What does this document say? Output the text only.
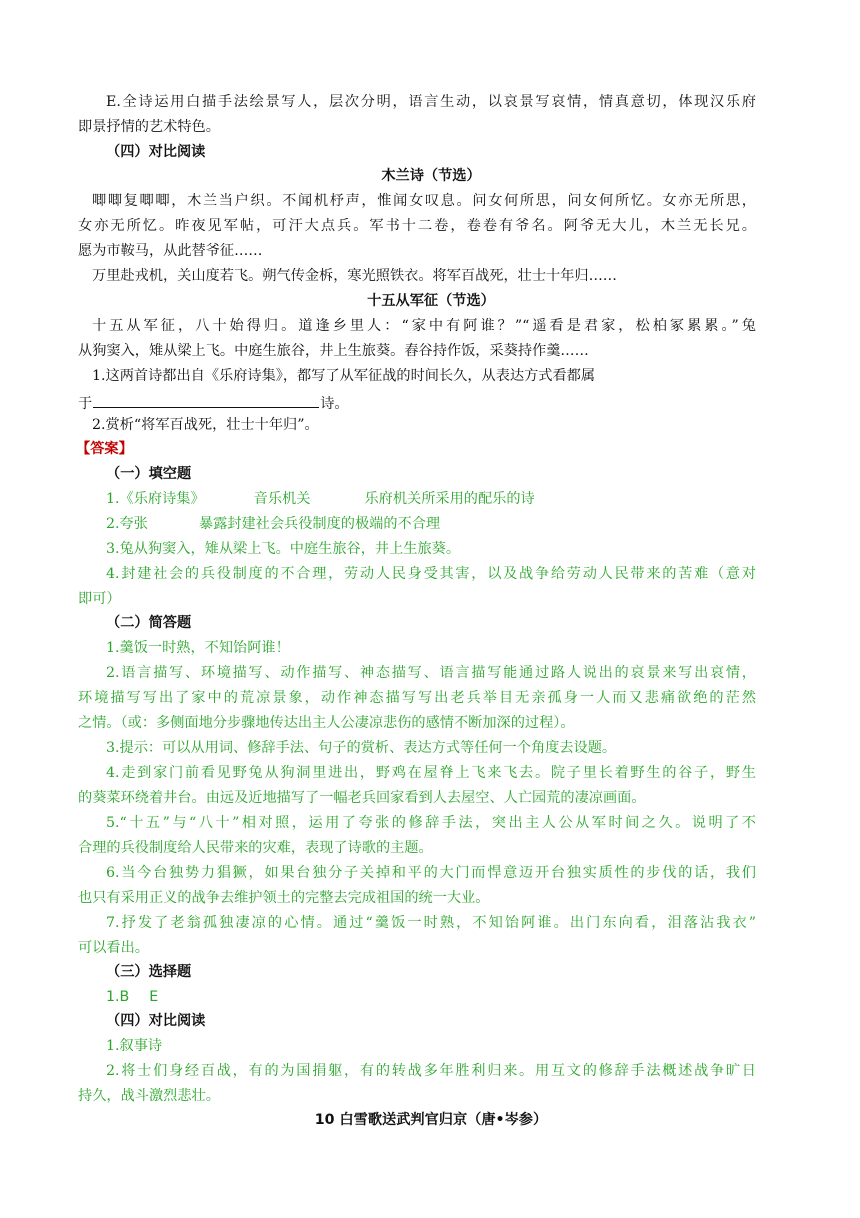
E.全诗运用白描手法绘景写人，层次分明，语言生动，以哀景写哀情，情真意切，体现汉乐府
即景抒情的艺术特色。
（四）对比阅读
木兰诗（节选）
唧唧复唧唧，木兰当户织。不闻机杼声，惟闻女叹息。问女何所思，问女何所忆。女亦无所思，
女亦无所忆。昨夜见军帖，可汗大点兵。军书十二卷，卷卷有爷名。阿爷无大儿，木兰无长兄。
愿为市鞍马，从此替爷征……
万里赴戎机，关山度若飞。朔气传金柝，寒光照铁衣。将军百战死，壮士十年归……
十五从军征（节选）
十五从军征，八十始得归。道逢乡里人：“家中有阿谁？”“遥看是君家，松柏冢累累。”兔
从狗窦入，雉从梁上飞。中庭生旅谷，井上生旅葵。舂谷持作饭，采葵持作羹……
1.这两首诗都出自《乐府诗集》，都写了从军征战的时间长久，从表达方式看都属
于	诗。
2.赏析“将军百战死，壮士十年归”。
【答案】
（一）填空题
1.《乐府诗集》	音乐机关	乐府机关所采用的配乐的诗
2.夸张	暴露封建社会兵役制度的极端的不合理
3.兔从狗窦入，雉从梁上飞。中庭生旅谷，井上生旅葵。
4.封建社会的兵役制度的不合理，劳动人民身受其害，以及战争给劳动人民带来的苦难（意对
即可）
（二）简答题
1.羹饭一时熟，不知饴阿谁！
2.语言描写、环境描写、动作描写、神态描写、语言描写能通过路人说出的哀景来写出哀情，
环境描写写出了家中的荒凉景象，动作神态描写写出老兵举目无亲孤身一人而又悲痛欲绝的茫然
之情。（或：多侧面地分步骤地传达出主人公凄凉悲伤的感情不断加深的过程）。
3.提示：可以从用词、修辞手法、句子的赏析、表达方式等任何一个角度去设题。
4.走到家门前看见野兔从狗洞里进出，野鸡在屋脊上飞来飞去。院子里长着野生的谷子，野生
的葵菜环绕着井台。由远及近地描写了一幅老兵回家看到人去屋空、人亡园荒的凄凉画面。
5.“十五”与“八十”相对照，运用了夸张的修辞手法，突出主人公从军时间之久。说明了不
合理的兵役制度给人民带来的灾难，表现了诗歌的主题。
6.当今台独势力猖獗，如果台独分子关掉和平的大门而悍意迈开台独实质性的步伐的话，我们
也只有采用正义的战争去维护领土的完整去完成祖国的统一大业。
7.抒发了老翁孤独凄凉的心情。通过“羹饭一时熟，不知饴阿谁。出门东向看，泪落沾我衣”
可以看出。
（三）选择题
1.B E
（四）对比阅读
1.叙事诗
2.将士们身经百战，有的为国捐躯，有的转战多年胜利归来。用互文的修辞手法概述战争旷日
持久，战斗激烈悲壮。
10 白雪歌送武判官归京（唐•岑参）
